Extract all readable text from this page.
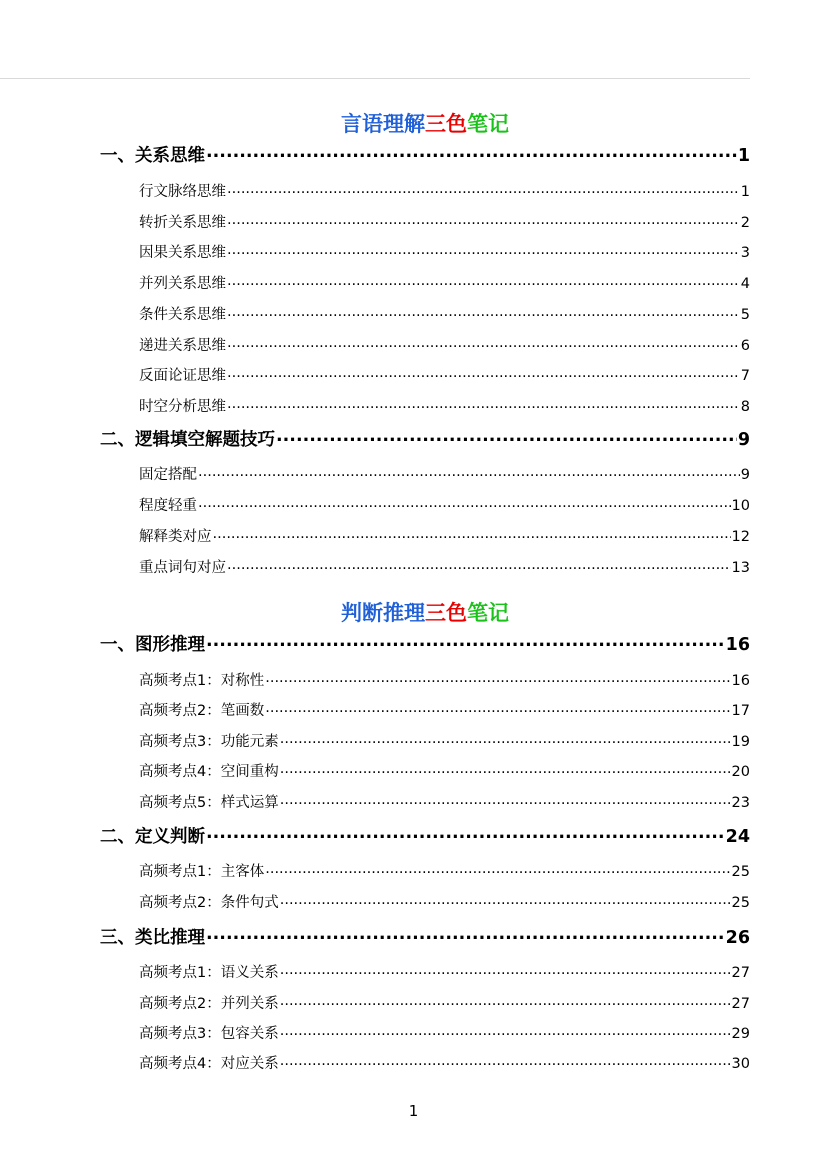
言语理解三色笔记
一、关系思维 .....	1
行文脉络思维 .....	1
转折关系思维 .....	2
因果关系思维 .....	3
并列关系思维 .....	4
条件关系思维 .....	5
递进关系思维 .....	6
反面论证思维 .....	7
时空分析思维 .....	8
二、逻辑填空解题技巧 .....	9
固定搭配 .....	9
程度轻重 .....	10
解释类对应 .....	12
重点词句对应 .....	13
判断推理三色笔记
一、图形推理 .....	16
高频考点1：对称性 .....	16
高频考点2：笔画数 .....	17
高频考点3：功能元素 .....	19
高频考点4：空间重构 .....	20
高频考点5：样式运算 .....	23
二、定义判断 .....	24
高频考点1：主客体 .....	25
高频考点2：条件句式 .....	25
三、类比推理 .....	26
高频考点1：语义关系 .....	27
高频考点2：并列关系 .....	27
高频考点3：包容关系 .....	29
高频考点4：对应关系 .....	30
1
